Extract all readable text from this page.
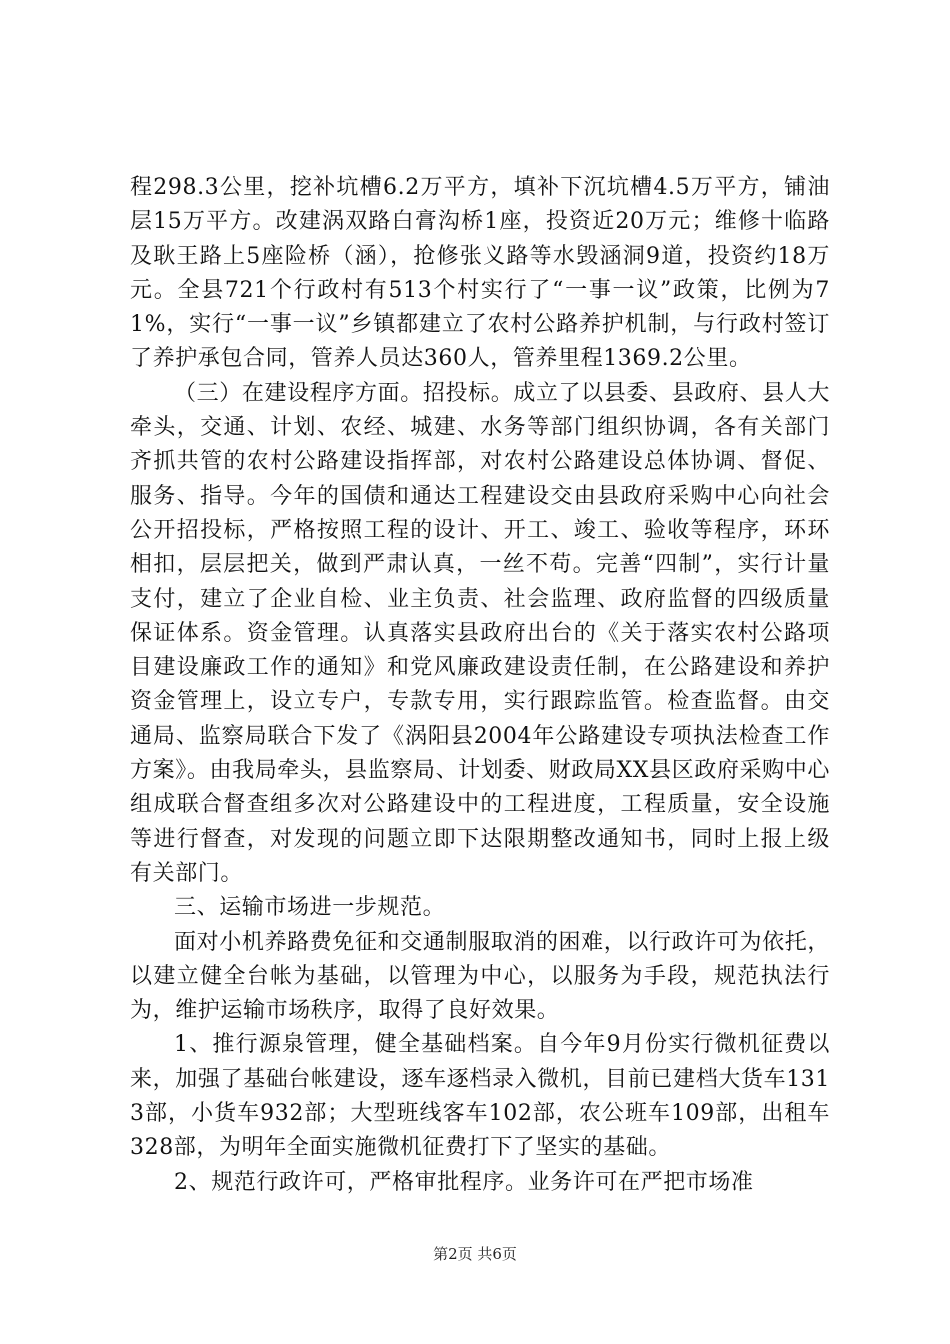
程298.3公里，挖补坑槽6.2万平方，填补下沉坑槽4.5万平方，铺油层15万平方。改建涡双路白膏沟桥1座，投资近20万元；维修十临路及耿王路上5座险桥（涵），抢修张义路等水毁涵洞9道，投资约18万元。全县721个行政村有513个村实行了“一事一议”政策，比例为71%，实行“一事一议”乡镇都建立了农村公路养护机制，与行政村签订了养护承包合同，管养人员达360人，管养里程1369.2公里。

（三）在建设程序方面。招投标。成立了以县委、县政府、县人大牵头，交通、计划、农经、城建、水务等部门组织协调，各有关部门齐抓共管的农村公路建设指挥部，对农村公路建设总体协调、督促、服务、指导。今年的国债和通达工程建设交由县政府采购中心向社会公开招投标，严格按照工程的设计、开工、竣工、验收等程序，环环相扣，层层把关，做到严肃认真，一丝不苟。完善“四制”，实行计量支付，建立了企业自检、业主负责、社会监理、政府监督的四级质量保证体系。资金管理。认真落实县政府出台的《关于落实农村公路项目建设廉政工作的通知》和党风廉政建设责任制，在公路建设和养护资金管理上，设立专户，专款专用，实行跟踪监管。检查监督。由交通局、监察局联合下发了《涡阳县2004年公路建设专项执法检查工作方案》。由我局牵头，县监察局、计划委、财政局XX县区政府采购中心组成联合督查组多次对公路建设中的工程进度，工程质量，安全设施等进行督查，对发现的问题立即下达限期整改通知书，同时上报上级有关部门。

三、运输市场进一步规范。

面对小机养路费免征和交通制服取消的困难，以行政许可为依托，以建立健全台帐为基础，以管理为中心，以服务为手段，规范执法行为，维护运输市场秩序，取得了良好效果。

1、推行源泉管理，健全基础档案。自今年9月份实行微机征费以来，加强了基础台帐建设，逐车逐档录入微机，目前已建档大货车1313部，小货车932部；大型班线客车102部，农公班车109部，出租车328部，为明年全面实施微机征费打下了坚实的基础。

2、规范行政许可，严格审批程序。业务许可在严把市场准

第2页 共6页
